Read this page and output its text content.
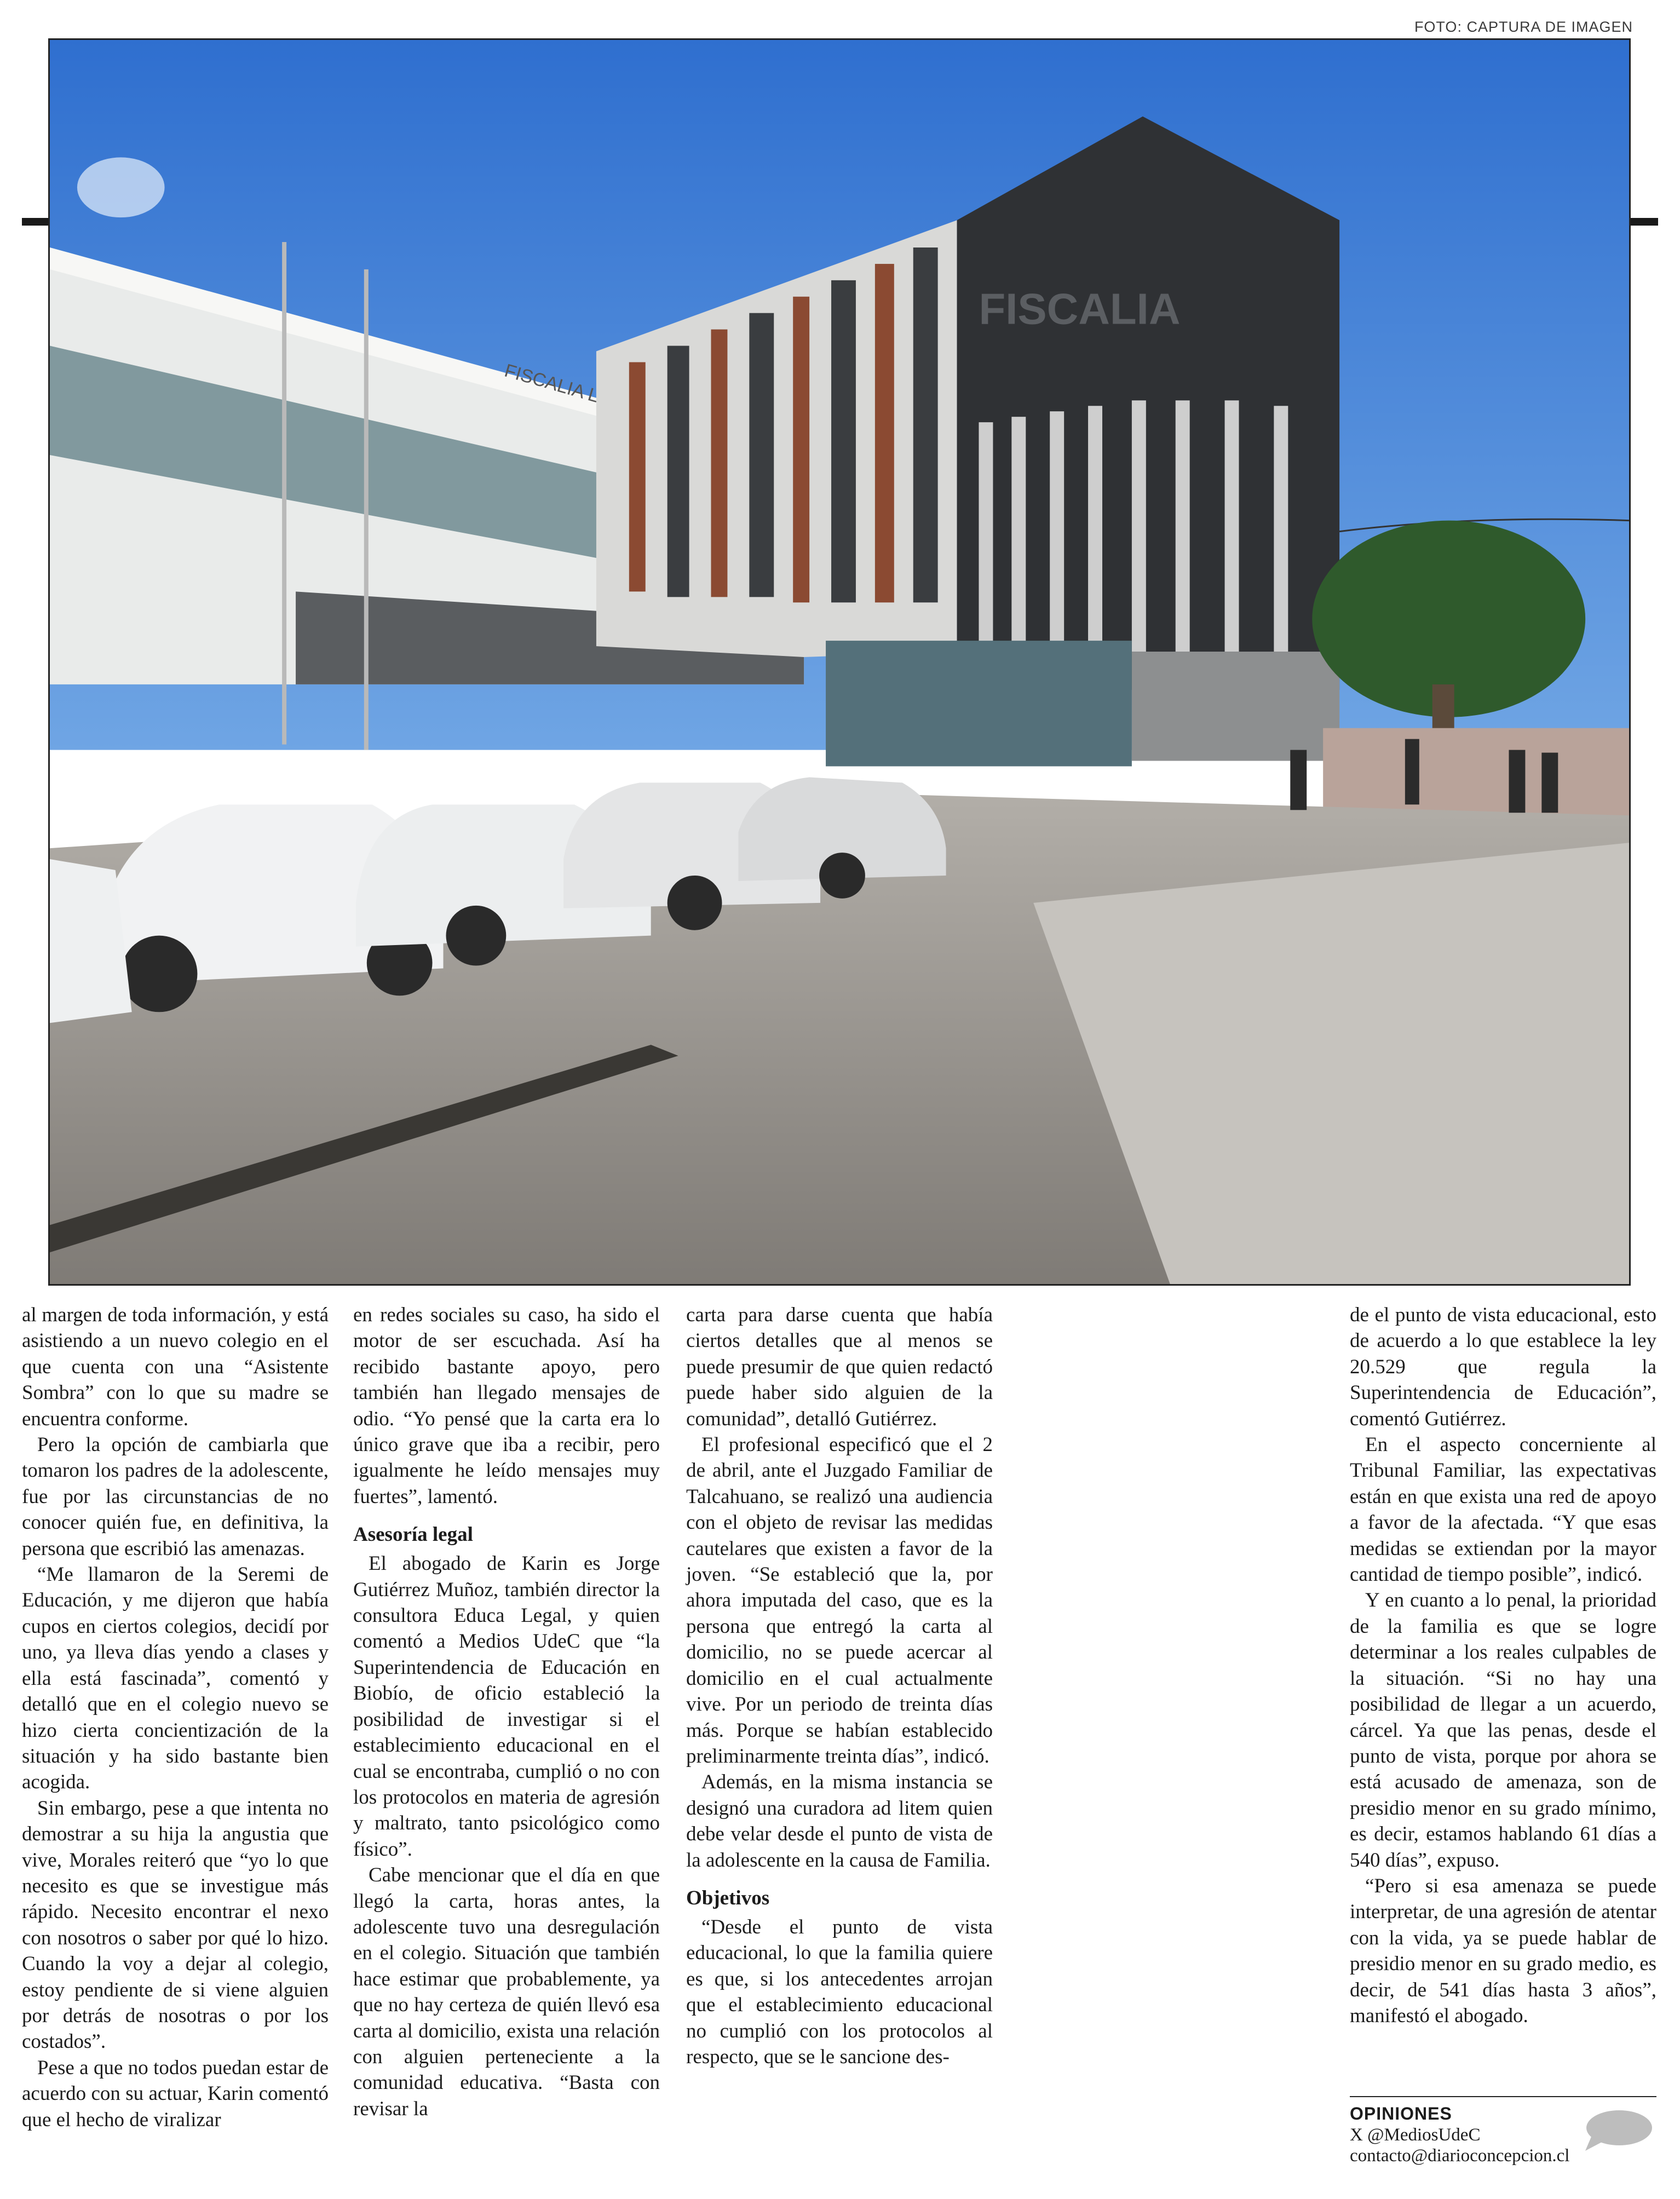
FOTO: CAPTURA DE IMAGEN
FISCALIA
FISCALIA

al margen de toda información, y está asistiendo a un nuevo colegio en el que cuenta con una “Asistente Sombra” con lo que su madre se encuentra conforme.

Pero la opción de cambiarla que tomaron los padres de la adolescente, fue por las circunstancias de no conocer quién fue, en definitiva, la persona que escribió las amenazas.

“Me llamaron de la Seremi de Educación, y me dijeron que había cupos en ciertos colegios, decidí por uno, ya lleva días yendo a clases y ella está fascinada”, comentó y detalló que en el colegio nuevo se hizo cierta concientización de la situación y ha sido bastante bien acogida.

Sin embargo, pese a que intenta no demostrar a su hija la angustia que vive, Morales reiteró que “yo lo que necesito es que se investigue más rápido. Necesito encontrar el nexo con nosotros o saber por qué lo hizo. Cuando la voy a dejar al colegio, estoy pendiente de si viene alguien por detrás de nosotras o por los costados”.

Pese a que no todos puedan estar de acuerdo con su actuar, Karin comentó que el hecho de viralizar

en redes sociales su caso, ha sido el motor de ser escuchada. Así ha recibido bastante apoyo, pero también han llegado mensajes de odio. “Yo pensé que la carta era lo único grave que iba a recibir, pero igualmente he leído mensajes muy fuertes”, lamentó.

Asesoría legal

El abogado de Karin es Jorge Gutiérrez Muñoz, también director la consultora Educa Legal, y quien comentó a Medios UdeC que “la Superintendencia de Educación en Biobío, de oficio estableció la posibilidad de investigar si el establecimiento educacional en el cual se encontraba, cumplió o no con los protocolos en materia de agresión y maltrato, tanto psicológico como físico”.

Cabe mencionar que el día en que llegó la carta, horas antes, la adolescente tuvo una desregulación en el colegio. Situación que también hace estimar que probablemente, ya que no hay certeza de quién llevó esa carta al domicilio, exista una relación con alguien perteneciente a la comunidad educativa. “Basta con revisar la

carta para darse cuenta que había ciertos detalles que al menos se puede presumir de que quien redactó puede haber sido alguien de la comunidad”, detalló Gutiérrez.

El profesional especificó que el 2 de abril, ante el Juzgado Familiar de Talcahuano, se realizó una audiencia con el objeto de revisar las medidas cautelares que existen a favor de la joven. “Se estableció que la, por ahora imputada del caso, que es la persona que entregó la carta al domicilio, no se puede acercar al domicilio en el cual actualmente vive. Por un periodo de treinta días más. Porque se habían establecido preliminarmente treinta días”, indicó.

Además, en la misma instancia se designó una curadora ad litem quien debe velar desde el punto de vista de la adolescente en la causa de Familia.

Objetivos

“Desde el punto de vista educacional, lo que la familia quiere es que, si los antecedentes arrojan que el establecimiento educacional no cumplió con los protocolos al respecto, que se le sancione des-

de el punto de vista educacional, esto de acuerdo a lo que establece la ley 20.529 que regula la Superintendencia de Educación”, comentó Gutiérrez.

En el aspecto concerniente al Tribunal Familiar, las expectativas están en que exista una red de apoyo a favor de la afectada. “Y que esas medidas se extiendan por la mayor cantidad de tiempo posible”, indicó.

Y en cuanto a lo penal, la prioridad de la familia es que se logre determinar a los reales culpables de la situación. “Si no hay una posibilidad de llegar a un acuerdo, cárcel. Ya que las penas, desde el punto de vista, porque por ahora se está acusado de amenaza, son de presidio menor en su grado mínimo, es decir, estamos hablando 61 días a 540 días”, expuso.

“Pero si esa amenaza se puede interpretar, de una agresión de atentar con la vida, ya se puede hablar de presidio menor en su grado medio, es decir, de 541 días hasta 3 años”, manifestó el abogado.

OPINIONES
X @MediosUdeC
contacto@diarioconcepcion.cl
